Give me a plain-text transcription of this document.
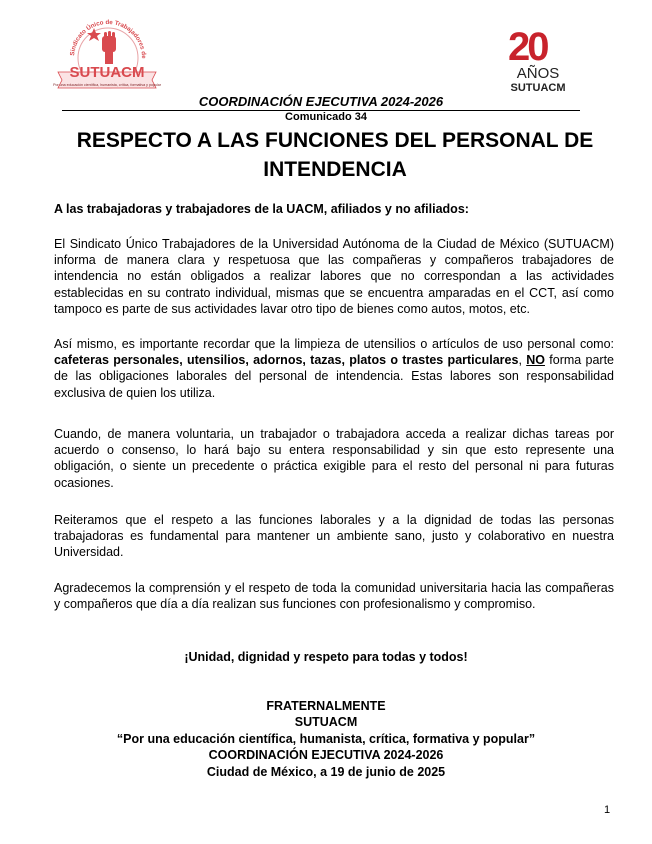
Sindicato Único de Trabajadores de
SUTUACM
Por una educación científica, humanista, crítica, formativa y popular
20
AÑOS
SUTUACM
COORDINACIÓN EJECUTIVA 2024-2026
Comunicado 34
RESPECTO A LAS FUNCIONES DEL PERSONAL DE
INTENDENCIA
A las trabajadoras y trabajadores de la UACM, afiliados y no afiliados:
El Sindicato Único Trabajadores de la Universidad Autónoma de la Ciudad de México (SUTUACM) informa de manera clara y respetuosa que las compañeras y compañeros trabajadores de intendencia no están obligados a realizar labores que no correspondan a las actividades establecidas en su contrato individual, mismas que se encuentra amparadas en el CCT, así como tampoco es parte de sus actividades lavar otro tipo de bienes como autos, motos, etc.
Así mismo, es importante recordar que la limpieza de utensilios o artículos de uso personal como: cafeteras personales, utensilios, adornos, tazas, platos o trastes particulares, NO forma parte de las obligaciones laborales del personal de intendencia. Estas labores son responsabilidad exclusiva de quien los utiliza.
Cuando, de manera voluntaria, un trabajador o trabajadora acceda a realizar dichas tareas por acuerdo o consenso, lo hará bajo su entera responsabilidad y sin que esto represente una obligación, o siente un precedente o práctica exigible para el resto del personal ni para futuras ocasiones.
Reiteramos que el respeto a las funciones laborales y a la dignidad de todas las personas trabajadoras es fundamental para mantener un ambiente sano, justo y colaborativo en nuestra Universidad.
Agradecemos la comprensión y el respeto de toda la comunidad universitaria hacia las compañeras y compañeros que día a día realizan sus funciones con profesionalismo y compromiso.
¡Unidad, dignidad y respeto para todas y todos!
FRATERNALMENTE
SUTUACM
“Por una educación científica, humanista, crítica, formativa y popular”
COORDINACIÓN EJECUTIVA 2024-2026
Ciudad de México, a 19 de junio de 2025
1
